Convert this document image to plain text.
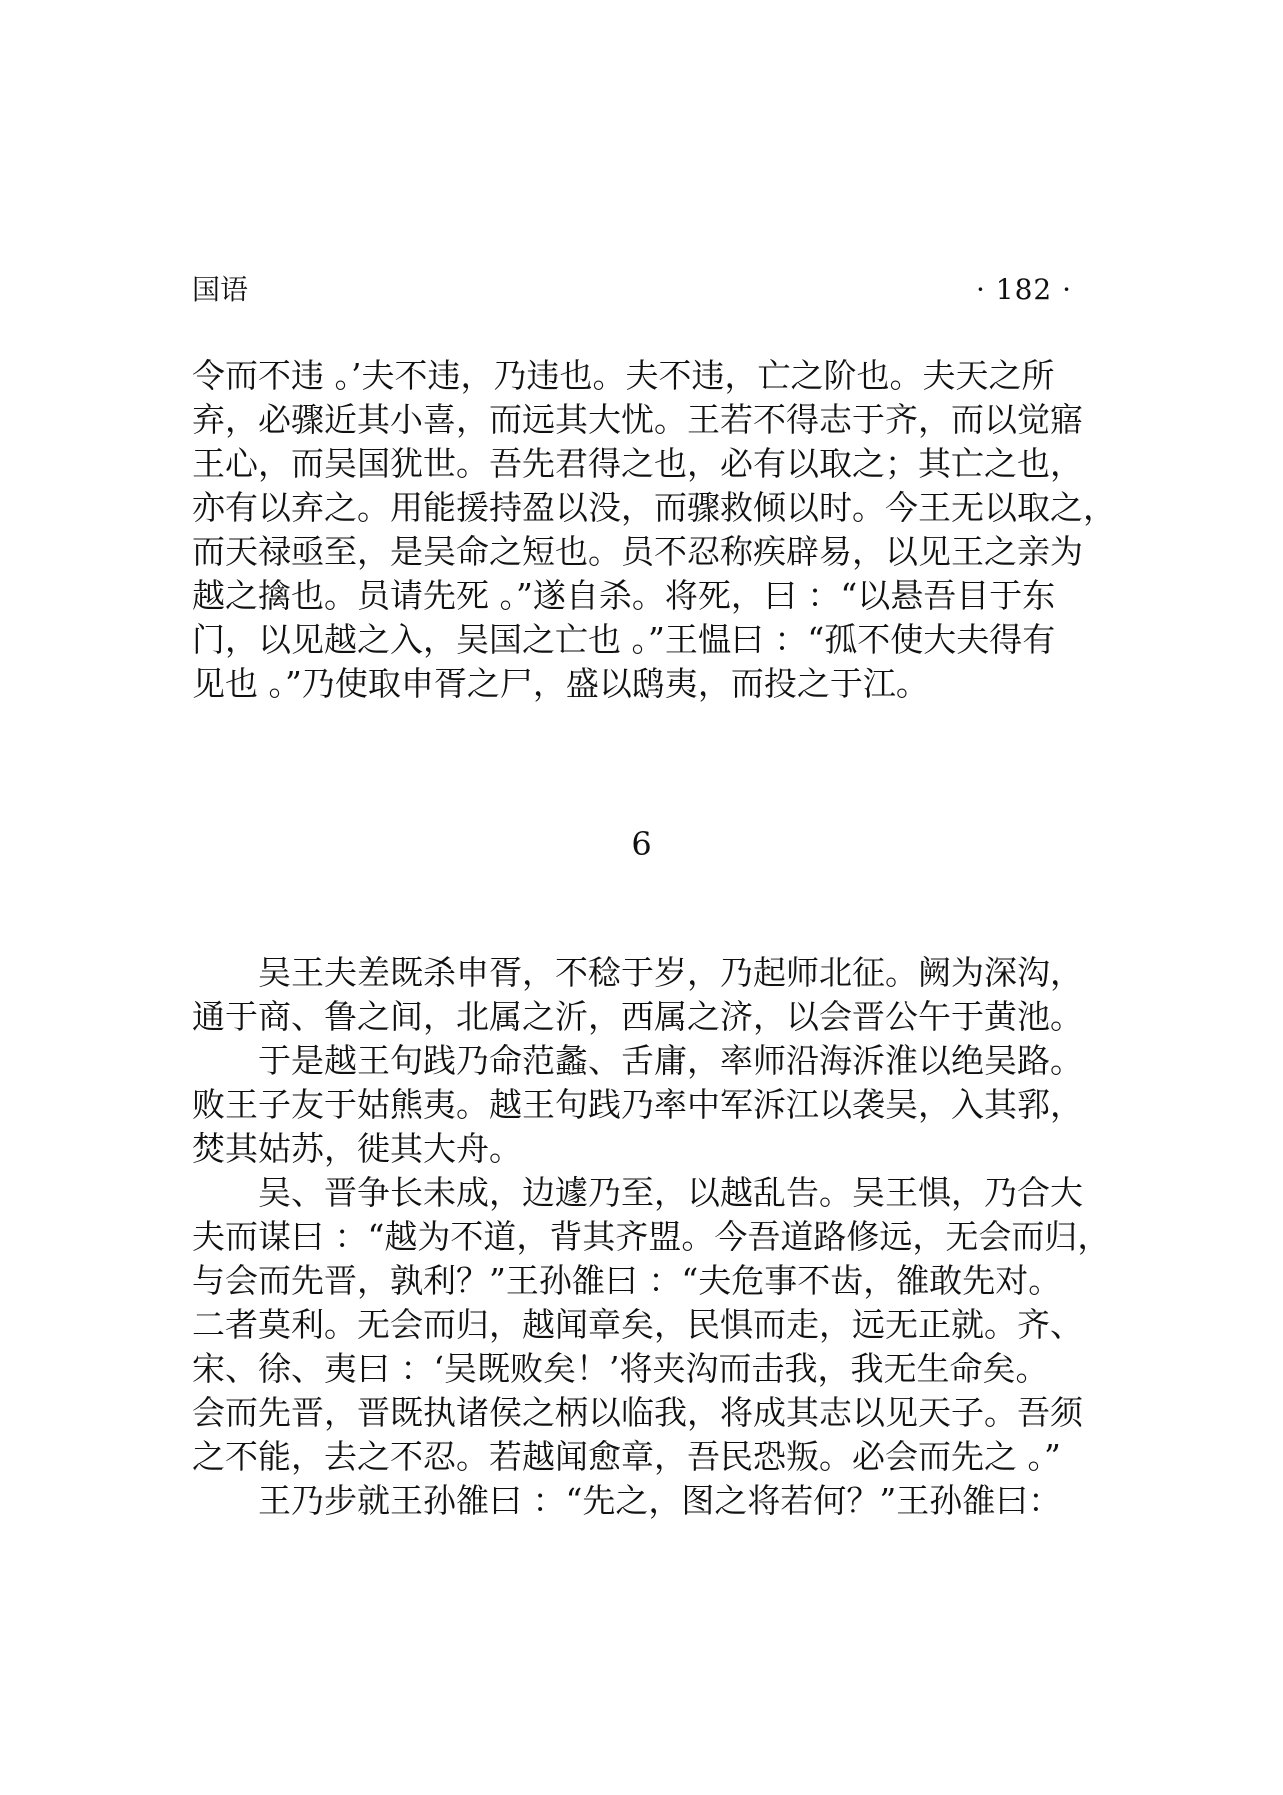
国语	· 182 ·
令而不违 。’夫不违，乃违也。夫不违，亡之阶也。夫天之所
弃，必骤近其小喜，而远其大忧。王若不得志于齐，而以觉寤
王心，而吴国犹世。吾先君得之也，必有以取之；其亡之也，
亦有以弃之。用能援持盈以没，而骤救倾以时。今王无以取之，
而天禄亟至，是吴命之短也。员不忍称疾辟易，以见王之亲为
越之擒也。员请先死 。”遂自杀。将死，曰 ：“以悬吾目于东
门，以见越之入，吴国之亡也 。”王愠曰 ：“孤不使大夫得有
见也 。”乃使取申胥之尸，盛以鸱夷，而投之于江。
6
吴王夫差既杀申胥，不稔于岁，乃起师北征。阙为深沟，
通于商、鲁之间，北属之沂，西属之济，以会晋公午于黄池。
于是越王句践乃命范蠡、舌庸，率师沿海泝淮以绝吴路。
败王子友于姑熊夷。越王句践乃率中军泝江以袭吴，入其郛，
焚其姑苏，徙其大舟。
吴、晋争长未成，边遽乃至，以越乱告。吴王惧，乃合大
夫而谋曰 ：“越为不道，背其齐盟。今吾道路修远，无会而归，
与会而先晋，孰利？”王孙雒曰 ：“夫危事不齿，雒敢先对。
二者莫利。无会而归，越闻章矣，民惧而走，远无正就。齐、
宋、徐、夷曰 ：‘吴既败矣！’将夹沟而击我，我无生命矣。
会而先晋，晋既执诸侯之柄以临我，将成其志以见天子。吾须
之不能，去之不忍。若越闻愈章，吾民恐叛。必会而先之 。”
王乃步就王孙雒曰 ：“先之，图之将若何？”王孙雒曰：
